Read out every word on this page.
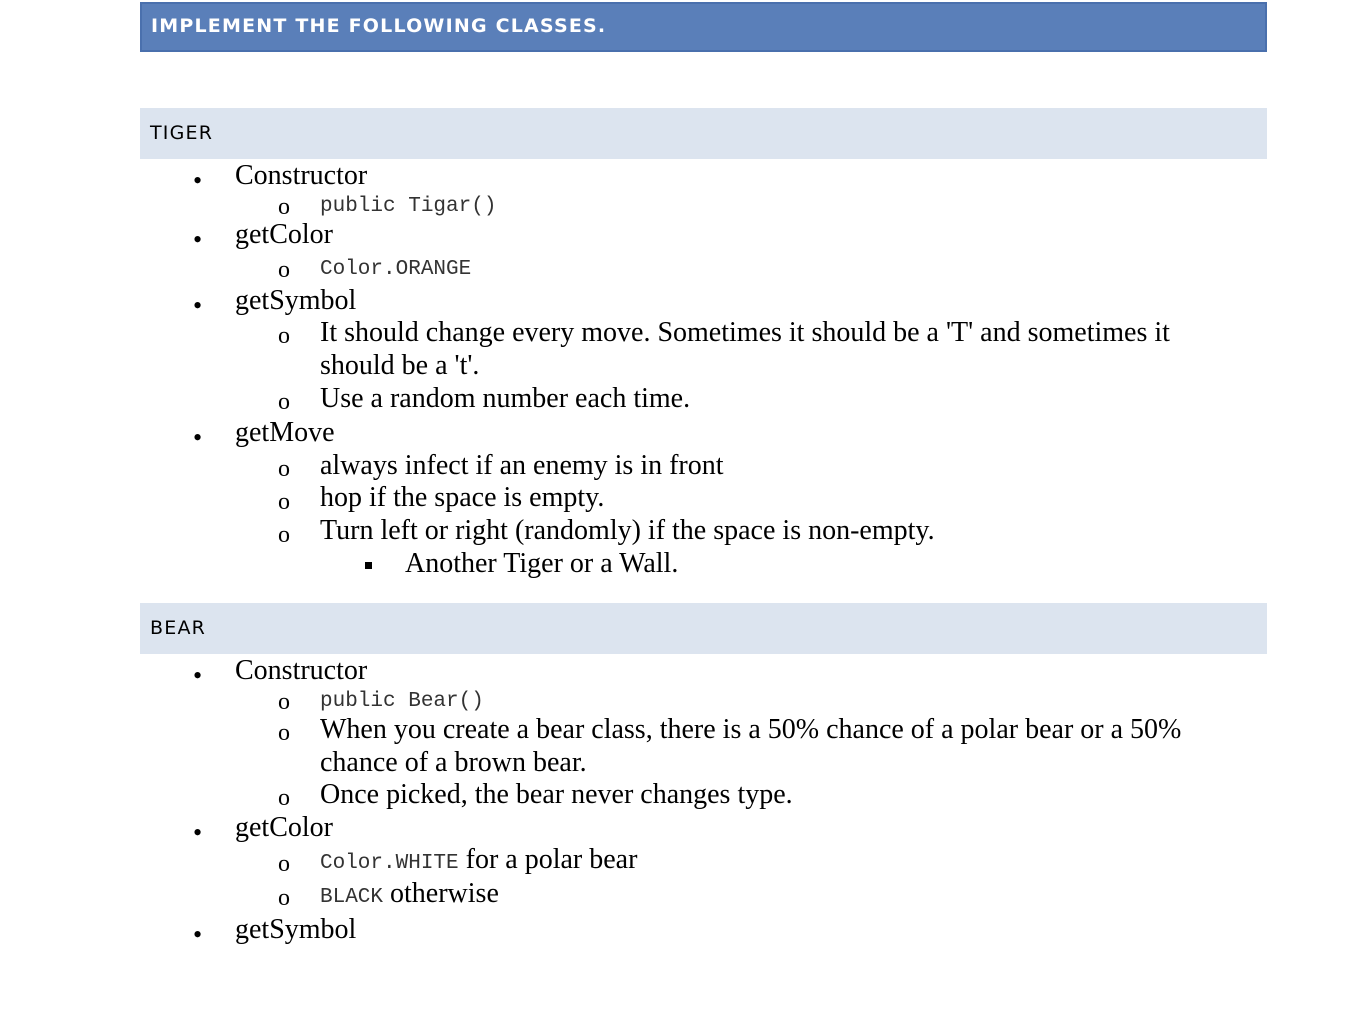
IMPLEMENT THE FOLLOWING CLASSES.
TIGER
• Constructor
o public Tigar()
• getColor
o Color.ORANGE
• getSymbol
o It should change every move. Sometimes it should be a 'T' and sometimes it
should be a 't'.
o Use a random number each time.
• getMove
o always infect if an enemy is in front
o hop if the space is empty.
o Turn left or right (randomly) if the space is non-empty.
Another Tiger or a Wall.
BEAR
• Constructor
o public Bear()
o When you create a bear class, there is a 50% chance of a polar bear or a 50%
chance of a brown bear.
o Once picked, the bear never changes type.
• getColor
o Color.WHITE for a polar bear
o BLACK otherwise
• getSymbol
